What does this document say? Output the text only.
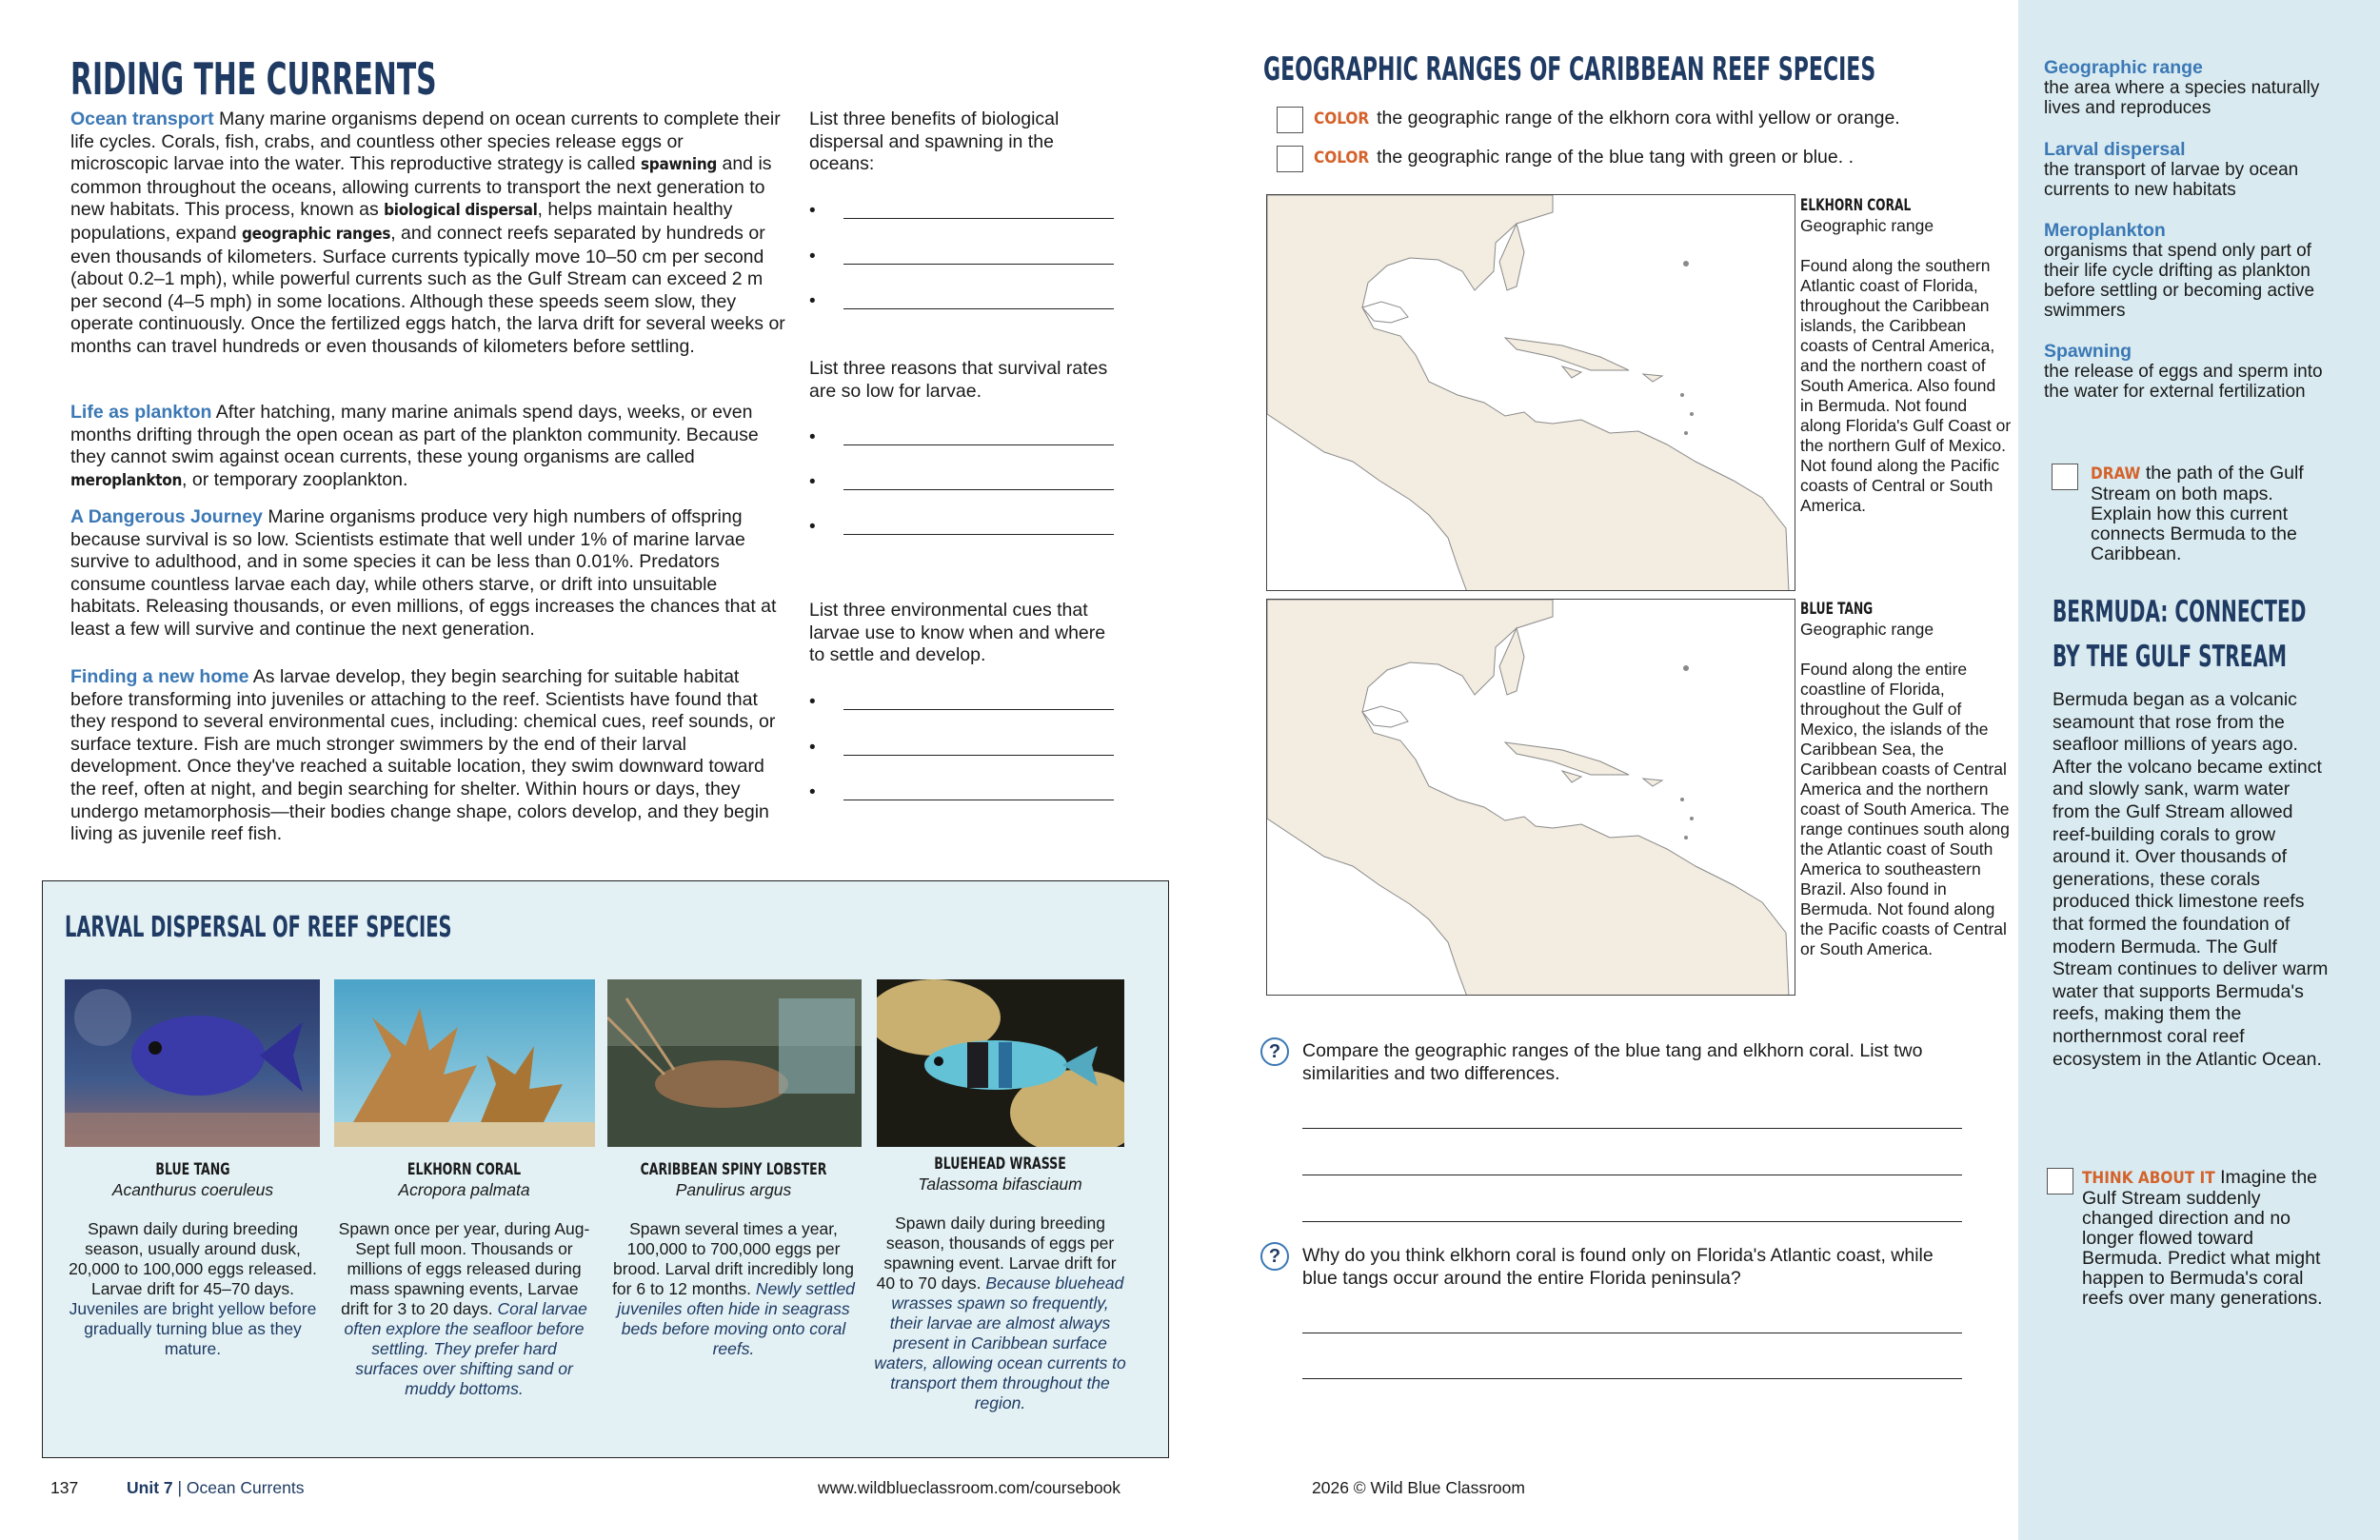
RIDING THE CURRENTS

Ocean transport Many marine organisms depend on ocean currents to complete their life cycles. Corals, fish, crabs, and countless other species release eggs or microscopic larvae into the water. This reproductive strategy is called spawning and is common throughout the oceans, allowing currents to transport the next generation to new habitats. This process, known as biological dispersal, helps maintain healthy populations, expand geographic ranges, and connect reefs separated by hundreds or even thousands of kilometers. Surface currents typically move 10–50 cm per second (about 0.2–1 mph), while powerful currents such as the Gulf Stream can exceed 2 m per second (4–5 mph) in some locations. Although these speeds seem slow, they operate continuously. Once the fertilized eggs hatch, the larva drift for several weeks or months can travel hundreds or even thousands of kilometers before settling.

Life as plankton After hatching, many marine animals spend days, weeks, or even months drifting through the open ocean as part of the plankton community. Because they cannot swim against ocean currents, these young organisms are called meroplankton, or temporary zooplankton.

A Dangerous Journey Marine organisms produce very high numbers of offspring because survival is so low. Scientists estimate that well under 1% of marine larvae survive to adulthood, and in some species it can be less than 0.01%. Predators consume countless larvae each day, while others starve, or drift into unsuitable habitats. Releasing thousands, or even millions, of eggs increases the chances that at least a few will survive and continue the next generation.

Finding a new home As larvae develop, they begin searching for suitable habitat before transforming into juveniles or attaching to the reef. Scientists have found that they respond to several environmental cues, including: chemical cues, reef sounds, or surface texture. Fish are much stronger swimmers by the end of their larval development. Once they've reached a suitable location, they swim downward toward the reef, often at night, and begin searching for shelter. Within hours or days, they undergo metamorphosis—their bodies change shape, colors develop, and they begin living as juvenile reef fish.

List three benefits of biological dispersal and spawning in the oceans:
•
•
•
List three reasons that survival rates are so low for larvae.
•
•
•
List three environmental cues that larvae use to know when and where to settle and develop.
•
•
•
LARVAL DISPERSAL OF REEF SPECIES
BLUE TANG
Acanthurus coeruleus
Spawn daily during breeding season, usually around dusk, 20,000 to 100,000 eggs released. Larvae drift for 45–70 days. Juveniles are bright yellow before gradually turning blue as they mature.
ELKHORN CORAL
Acropora palmata
Spawn once per year, during Aug-Sept full moon. Thousands or millions of eggs released during mass spawning events, Larvae drift for 3 to 20 days. Coral larvae often explore the seafloor before settling. They prefer hard surfaces over shifting sand or muddy bottoms.
CARIBBEAN SPINY LOBSTER
Panulirus argus
Spawn several times a year, 100,000 to 700,000 eggs per brood. Larval drift incredibly long for 6 to 12 months. Newly settled juveniles often hide in seagrass beds before moving onto coral reefs.
BLUEHEAD WRASSE
Talassoma bifasciaum
Spawn daily during breeding season, thousands of eggs per spawning event. Larvae drift for 40 to 70 days. Because bluehead wrasses spawn so frequently, their larvae are almost always present in Caribbean surface waters, allowing ocean currents to transport them throughout the region.
137	Unit 7 | Ocean Currents	www.wildblueclassroom.com/coursebook	2026 © Wild Blue Classroom
GEOGRAPHIC RANGES OF CARIBBEAN REEF SPECIES
COLOR the geographic range of the elkhorn cora withl yellow or orange.
COLOR the geographic range of the blue tang with green or blue. .
ELKHORN CORAL
Geographic range
Found along the southern Atlantic coast of Florida, throughout the Caribbean islands, the Caribbean coasts of Central America, and the northern coast of South America. Also found in Bermuda. Not found along Florida's Gulf Coast or the northern Gulf of Mexico. Not found along the Pacific coasts of Central or South America.
BLUE TANG
Geographic range
Found along the entire coastline of Florida, throughout the Gulf of Mexico, the islands of the Caribbean Sea, the Caribbean coasts of Central America and the northern coast of South America. The range continues south along the Atlantic coast of South America to southeastern Brazil. Also found in Bermuda. Not found along the Pacific coasts of Central or South America.
?	Compare the geographic ranges of the blue tang and elkhorn coral. List two similarities and two differences.
?	Why do you think elkhorn coral is found only on Florida's Atlantic coast, while blue tangs occur around the entire Florida peninsula?
Geographic range
the area where a species naturally lives and reproduces
Larval dispersal
the transport of larvae by ocean currents to new habitats
Meroplankton
organisms that spend only part of their life cycle drifting as plankton before settling or becoming active swimmers
Spawning
the release of eggs and sperm into the water for external fertilization
DRAW the path of the Gulf Stream on both maps. Explain how this current connects Bermuda to the Caribbean.
BERMUDA: CONNECTED
BY THE GULF STREAM
Bermuda began as a volcanic seamount that rose from the seafloor millions of years ago. After the volcano became extinct and slowly sank, warm water from the Gulf Stream allowed reef-building corals to grow around it. Over thousands of generations, these corals produced thick limestone reefs that formed the foundation of modern Bermuda. The Gulf Stream continues to deliver warm water that supports Bermuda's reefs, making them the northernmost coral reef ecosystem in the Atlantic Ocean.
THINK ABOUT IT Imagine the Gulf Stream suddenly changed direction and no longer flowed toward Bermuda. Predict what might happen to Bermuda's coral reefs over many generations.
